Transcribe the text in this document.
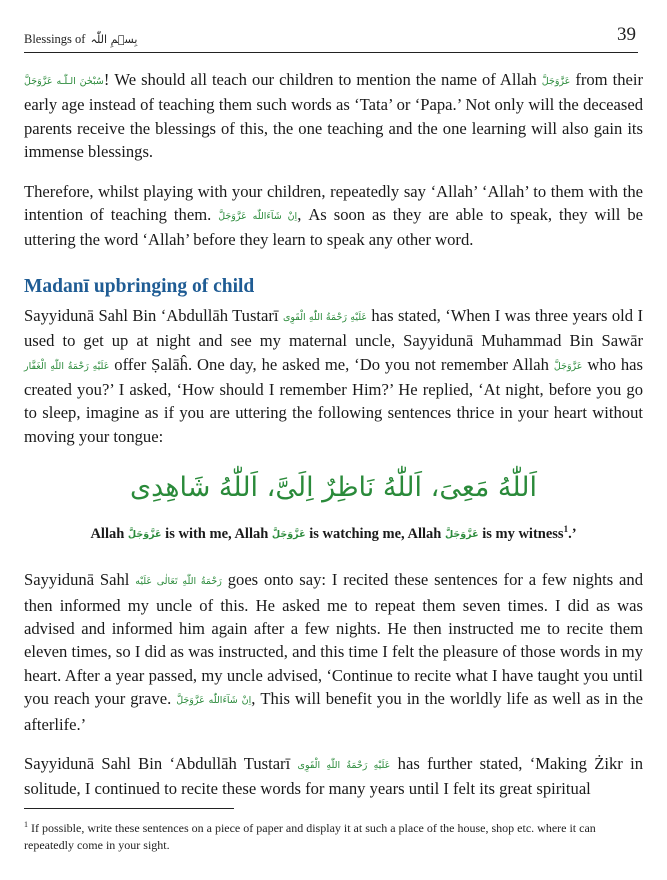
Blessings of بِسۡمِ اللّٰہ	39

سُبْحٰنَ الـلّٰـه عَزَّوَجَلَّ! We should all teach our children to mention the name of Allah عَزَّوَجَلَّ from their early age instead of teaching them such words as ‘Tata’ or ‘Papa.’ Not only will the deceased parents receive the blessings of this, the one teaching and the one learning will also gain its immense blessings.

Therefore, whilst playing with your children, repeatedly say ‘Allah’ ‘Allah’ to them with the intention of teaching them. اِنْ شَآءَاللّٰه عَزَّوَجَلَّ, As soon as they are able to speak, they will be uttering the word ‘Allah’ before they learn to speak any other word.

Madanī upbringing of child

Sayyidunā Sahl Bin ‘Abdullāh Tustarī عَلَيْهِ رَحْمَةُ اللّٰهِ الْقَوِى has stated, ‘When I was three years old I used to get up at night and see my maternal uncle, Sayyidunā Muhammad Bin Sawār عَلَيْهِ رَحْمَةُ اللّٰهِ الْغَفَّار offer Ṣalāĥ. One day, he asked me, ‘Do you not remember Allah عَزَّوَجَلَّ who has created you?’ I asked, ‘How should I remember Him?’ He replied, ‘At night, before you go to sleep, imagine as if you are uttering the following sentences thrice in your heart without moving your tongue:

اَللّٰهُ مَعِىَ، اَللّٰهُ نَاظِرٌ اِلَىَّ، اَللّٰهُ شَاهِدِى
Allah عَزَّوَجَلَّ is with me, Allah عَزَّوَجَلَّ is watching me, Allah عَزَّوَجَلَّ is my witness$^1$.’

Sayyidunā Sahl رَحْمَةُ اللّٰهِ تَعَالٰى عَلَيْه goes onto say: I recited these sentences for a few nights and then informed my uncle of this. He asked me to repeat them seven times. I did as was advised and informed him again after a few nights. He then instructed me to recite them eleven times, so I did as was instructed, and this time I felt the pleasure of those words in my heart. After a year passed, my uncle advised, ‘Continue to recite what I have taught you until you reach your grave. اِنْ شَآءَاللّٰه عَزَّوَجَلَّ, This will benefit you in the worldly life as well as in the afterlife.’

Sayyidunā Sahl Bin ‘Abdullāh Tustarī عَلَيْهِ رَحْمَةُ اللّٰهِ الْقَوِى has further stated, ‘Making Żikr in solitude, I continued to recite these words for many years until I felt its great spiritual

$^1$ If possible, write these sentences on a piece of paper and display it at such a place of the house, shop etc. where it can repeatedly come in your sight.
